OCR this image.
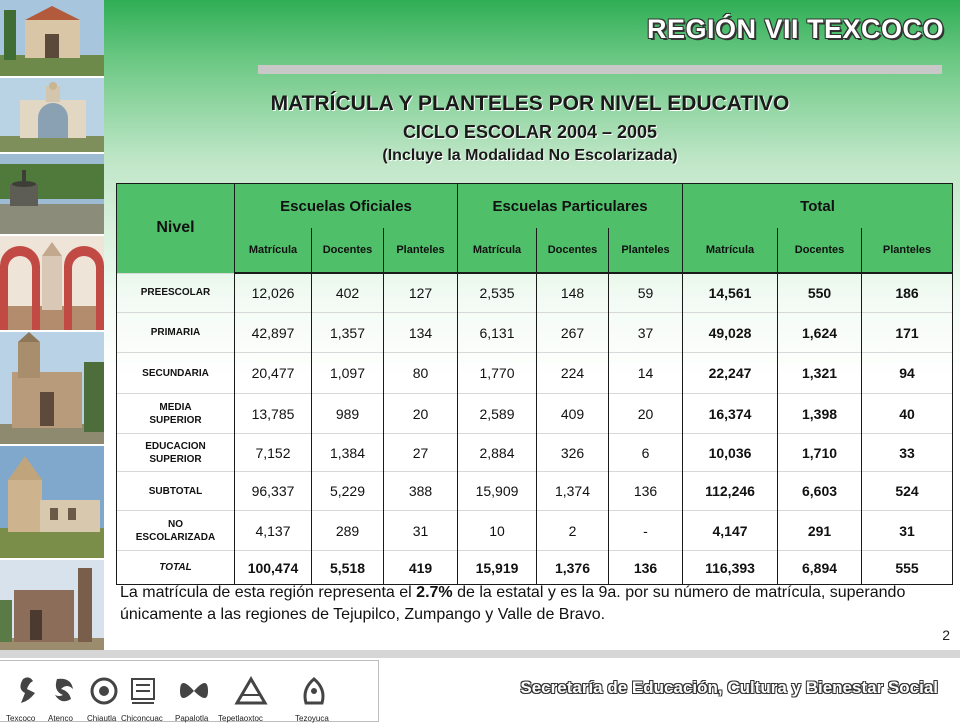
REGIÓN VII TEXCOCO
MATRÍCULA Y PLANTELES POR NIVEL EDUCATIVO
CICLO ESCOLAR 2004 – 2005
(Incluye la Modalidad No Escolarizada)
Nivel	Escuelas Oficiales			Escuelas Particulares			Total		
	Matrícula	Docentes	Planteles	Matrícula	Docentes	Planteles	Matrícula	Docentes	Planteles

PREESCOLAR	12,026	402	127	2,535	148	59	14,561	550	186

PRIMARIA	42,897	1,357	134	6,131	267	37	49,028	1,624	171

SECUNDARIA	20,477	1,097	80	1,770	224	14	22,247	1,321	94

MEDIA
SUPERIOR	13,785	989	20	2,589	409	20	16,374	1,398	40

EDUCACION
SUPERIOR	7,152	1,384	27	2,884	326	6	10,036	1,710	33

SUBTOTAL	96,337	5,229	388	15,909	1,374	136	112,246	6,603	524

NO
ESCOLARIZADA	4,137	289	31	10	2	-	4,147	291	31

TOTAL	100,474	5,518	419	15,919	1,376	136	116,393	6,894	555
La matrícula de esta región representa el 2.7% de la estatal y es la 9a. por su número de matrícula, superando únicamente a las regiones de Tejupilco, Zumpango y Valle de Bravo.
2
Texcoco Atenco Chiautla Chiconcuac Papalotla Tepetlaoxtoc	Tezoyuca
Secretaría de Educación, Cultura y Bienestar Social
